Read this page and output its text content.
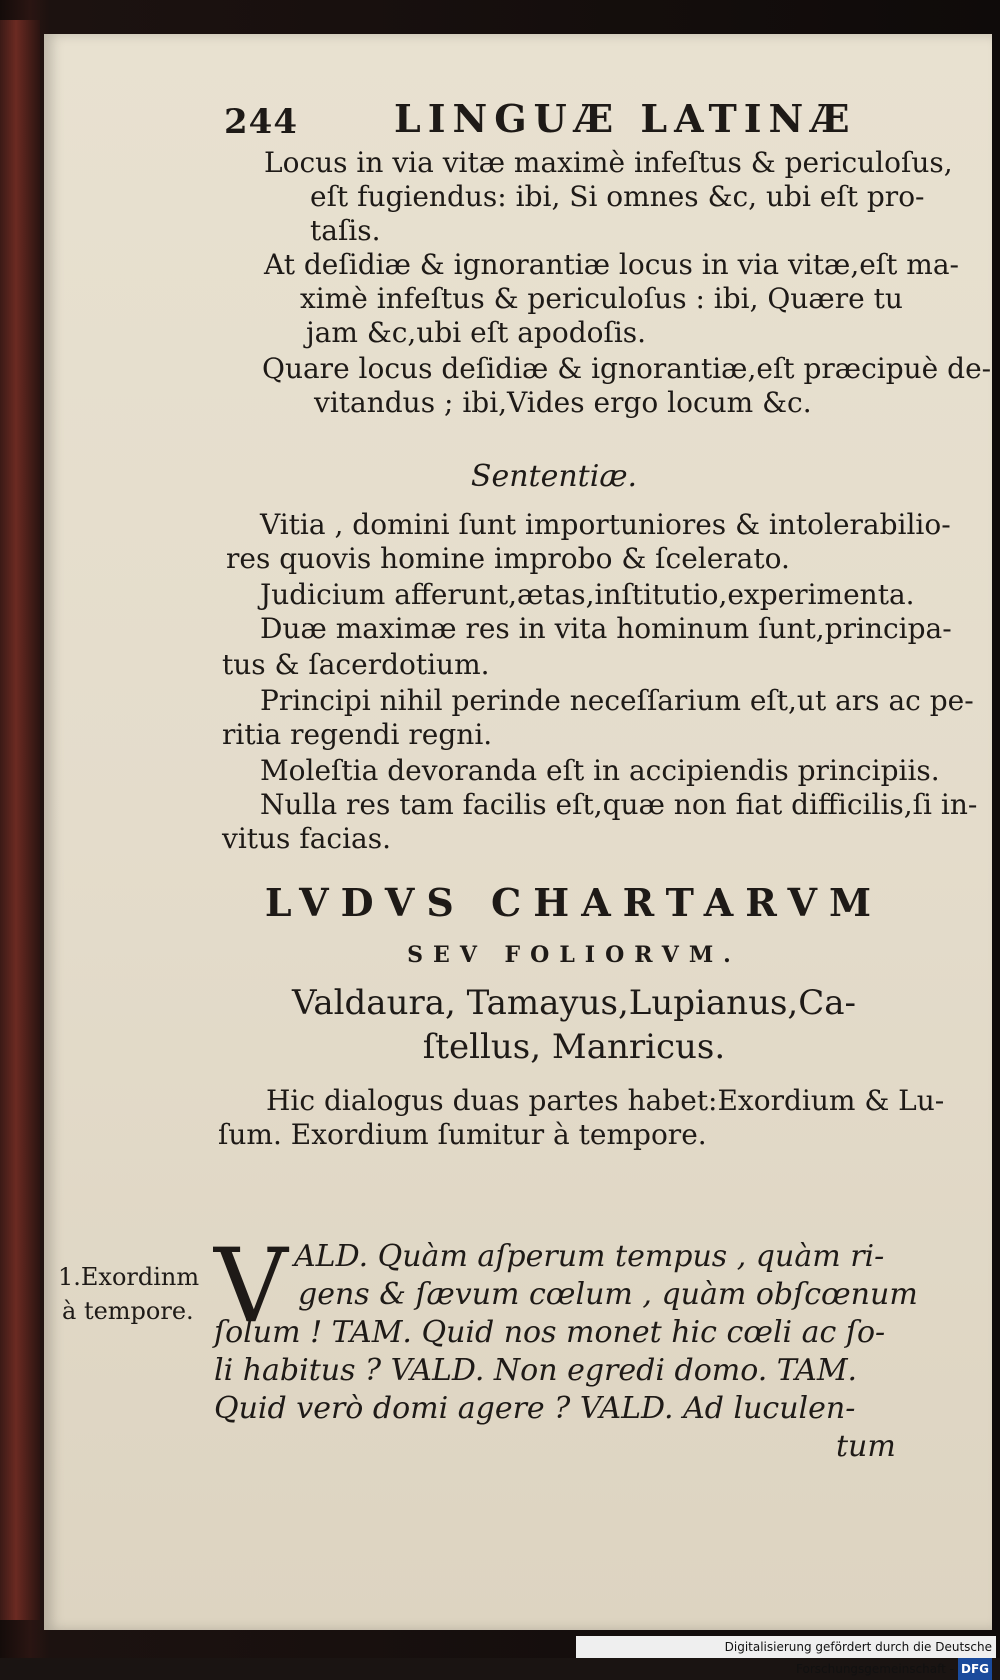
244	LINGUÆ LATINÆ
Locus in via vitæ maximè infeſtus & periculoſus,
eſt fugiendus: ibi, Si omnes &c, ubi eſt pro-
taſis.
At deſidiæ & ignorantiæ locus in via vitæ,eſt ma-
ximè infeſtus & periculoſus : ibi, Quære tu
jam &c,ubi eſt apodoſis.
Quare locus deſidiæ & ignorantiæ,eſt præcipuè de-
vitandus ; ibi,Vides ergo locum &c.
Sententiæ.
Vitia , domini ſunt importuniores & intolerabilio-
res quovis homine improbo & ſcelerato.
Judicium afferunt,ætas,inſtitutio,experimenta.
Duæ maximæ res in vita hominum ſunt,principa-
tus & ſacerdotium.
Principi nihil perinde neceſſarium eſt,ut ars ac pe-
ritia regendi regni.
Moleſtia devoranda eſt in accipiendis principiis.
Nulla res tam facilis eſt,quæ non fiat difficilis,ſi in-
vitus facias.
LVDVS CHARTARVM
SEV FOLIORVM.
Valdaura, Tamayus,Lupianus,Ca-
ſtellus, Manricus.
Hic dialogus duas partes habet:Exordium & Lu-
ſum. Exordium ſumitur à tempore.
1.Exordinm
à tempore. V ALD. Quàm aſperum tempus , quàm ri-
gens & ſævum cœlum , quàm obſcœnum
ſolum ! TAM. Quid nos monet hic cœli ac ſo-
li habitus ? VALD. Non egredi domo. TAM.
Quid verò domi agere ? VALD. Ad luculen-
tum
Digitalisierung gefördert durch die Deutsche Forschungsgemeinschaft - DFG
